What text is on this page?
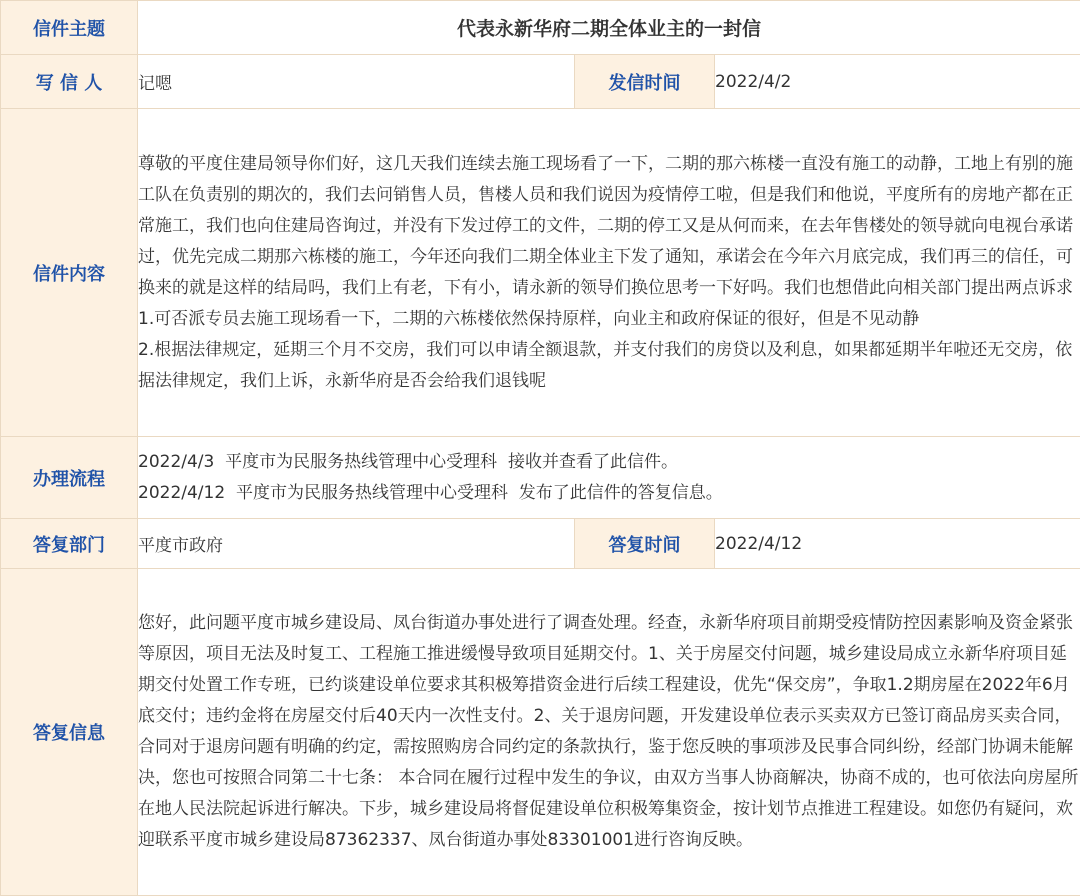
信件主题	代表永新华府二期全体业主的一封信		
写 信 人	记嗯	发信时间	2022/4/2
信件内容	尊敬的平度住建局领导你们好，这几天我们连续去施工现场看了一下，二期的那六栋楼一直没有施工的动静，工地上有别的施工队在负责别的期次的，我们去问销售人员，售楼人员和我们说因为疫情停工啦，但是我们和他说，平度所有的房地产都在正常施工，我们也向住建局咨询过，并没有下发过停工的文件，二期的停工又是从何而来，在去年售楼处的领导就向电视台承诺过，优先完成二期那六栋楼的施工，今年还向我们二期全体业主下发了通知，承诺会在今年六月底完成，我们再三的信任，可换来的就是这样的结局吗，我们上有老，下有小，请永新的领导们换位思考一下好吗。我们也想借此向相关部门提出两点诉求

1.可否派专员去施工现场看一下，二期的六栋楼依然保持原样，向业主和政府保证的很好，但是不见动静

2.根据法律规定，延期三个月不交房，我们可以申请全额退款，并支付我们的房贷以及利息，如果都延期半年啦还无交房，依据法律规定，我们上诉，永新华府是否会给我们退钱呢		

办理流程	2022/4/3  平度市为民服务热线管理中心受理科  接收并查看了此信件。

2022/4/12  平度市为民服务热线管理中心受理科  发布了此信件的答复信息。		

答复部门	平度市政府	答复时间	2022/4/12
答复信息	您好，此问题平度市城乡建设局、凤台街道办事处进行了调查处理。经查，永新华府项目前期受疫情防控因素影响及资金紧张等原因，项目无法及时复工、工程施工推进缓慢导致项目延期交付。1、关于房屋交付问题，城乡建设局成立永新华府项目延期交付处置工作专班，已约谈建设单位要求其积极筹措资金进行后续工程建设，优先“保交房”，争取1.2期房屋在2022年6月底交付；违约金将在房屋交付后40天内一次性支付。2、关于退房问题，开发建设单位表示买卖双方已签订商品房买卖合同，合同对于退房问题有明确的约定，需按照购房合同约定的条款执行，鉴于您反映的事项涉及民事合同纠纷，经部门协调未能解决，您也可按照合同第二十七条： 本合同在履行过程中发生的争议，由双方当事人协商解决，协商不成的，也可依法向房屋所在地人民法院起诉进行解决。下步，城乡建设局将督促建设单位积极筹集资金，按计划节点推进工程建设。如您仍有疑问，欢迎联系平度市城乡建设局87362337、凤台街道办事处83301001进行咨询反映。		
